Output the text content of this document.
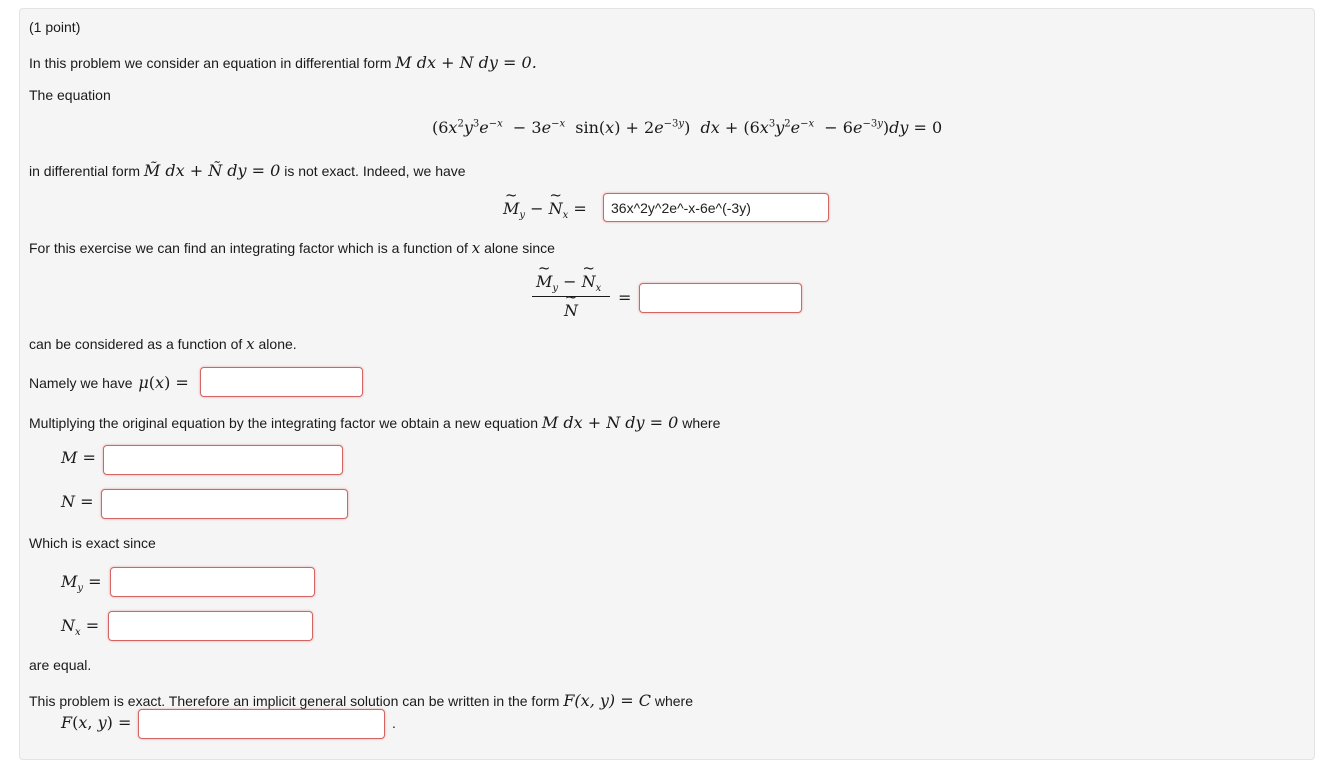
(1 point)
In this problem we consider an equation in differential form M dx + N dy = 0.
The equation
($6x^2y^3e^{-x} - 3e^{-x}$  $\sin(x) + 2e^{-3y}$)  dx + $(6x^3y^2e^{-x} - 6e^{-3y})dy = 0$
in differential form M̃ dx + Ñ dy = 0 is not exact. Indeed, we have
~ $M_y$ − ~ $N_x$ =
36x^2y^2e^-x-6e^(-3y)
For this exercise we can find an integrating factor which is a function of x alone since
~ $M_y$ − ~ $N_x$
~ N
=
can be considered as a function of x alone.
Namely we have μ(x) =
Multiplying the original equation by the integrating factor we obtain a new equation M dx + N dy = 0 where
M =
N =
Which is exact since
$M_y$ =
$N_x$ =
are equal.
This problem is exact. Therefore an implicit general solution can be written in the form F(x, y) = C where
F(x, y) =	.
